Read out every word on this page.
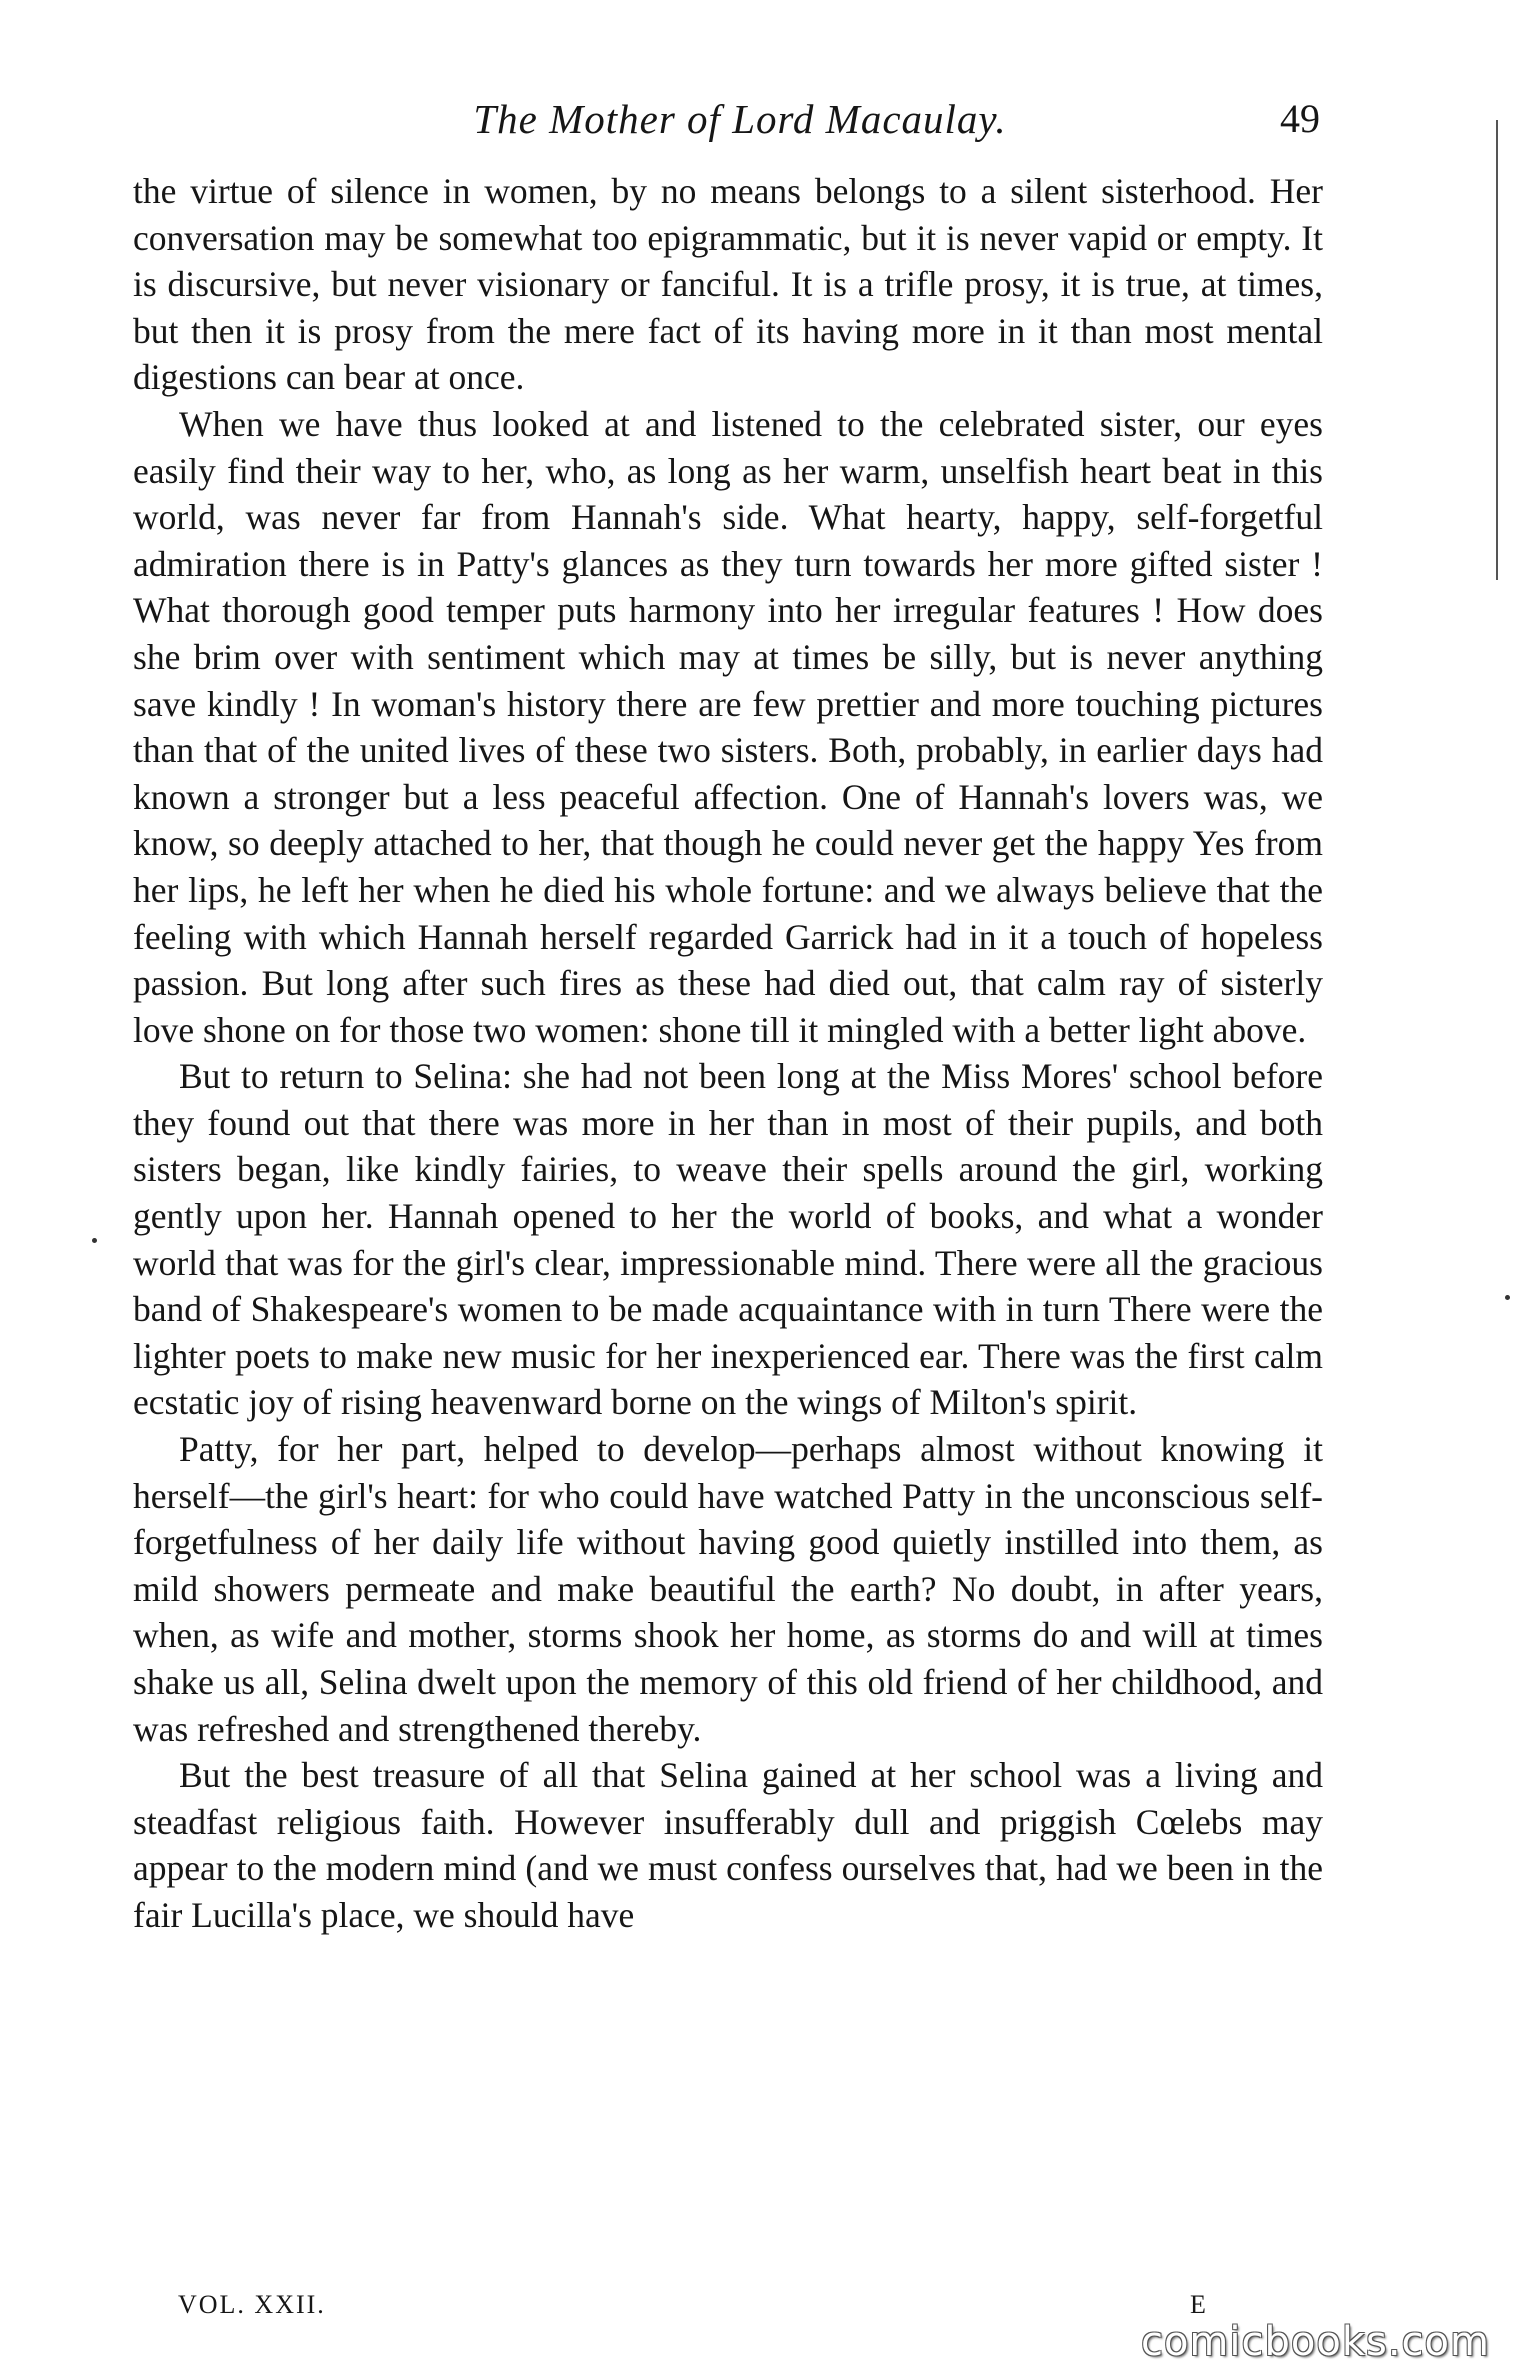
The Mother of Lord Macaulay.	49

the virtue of silence in women, by no means belongs to a silent sisterhood. Her conversation may be somewhat too epigrammatic, but it is never vapid or empty. It is discursive, but never visionary or fanciful. It is a trifle prosy, it is true, at times, but then it is prosy from the mere fact of its having more in it than most mental digestions can bear at once.

When we have thus looked at and listened to the celebrated sister, our eyes easily find their way to her, who, as long as her warm, unselfish heart beat in this world, was never far from Hannah's side. What hearty, happy, self-forgetful admiration there is in Patty's glances as they turn towards her more gifted sister ! What thorough good temper puts harmony into her irregular features ! How does she brim over with sentiment which may at times be silly, but is never anything save kindly ! In woman's history there are few prettier and more touching pictures than that of the united lives of these two sisters. Both, probably, in earlier days had known a stronger but a less peaceful affection. One of Hannah's lovers was, we know, so deeply attached to her, that though he could never get the happy Yes from her lips, he left her when he died his whole fortune: and we always believe that the feeling with which Hannah herself regarded Garrick had in it a touch of hopeless passion. But long after such fires as these had died out, that calm ray of sisterly love shone on for those two women: shone till it mingled with a better light above.

But to return to Selina: she had not been long at the Miss Mores' school before they found out that there was more in her than in most of their pupils, and both sisters began, like kindly fairies, to weave their spells around the girl, working gently upon her. Hannah opened to her the world of books, and what a wonder world that was for the girl's clear, impressionable mind. There were all the gracious band of Shakespeare's women to be made acquaintance with in turn There were the lighter poets to make new music for her inexperienced ear. There was the first calm ecstatic joy of rising heavenward borne on the wings of Milton's spirit.

Patty, for her part, helped to develop—perhaps almost without knowing it herself—the girl's heart: for who could have watched Patty in the unconscious self-forgetfulness of her daily life without having good quietly instilled into them, as mild showers permeate and make beautiful the earth? No doubt, in after years, when, as wife and mother, storms shook her home, as storms do and will at times shake us all, Selina dwelt upon the memory of this old friend of her childhood, and was refreshed and strengthened thereby.

But the best treasure of all that Selina gained at her school was a living and steadfast religious faith. However insufferably dull and priggish Cœlebs may appear to the modern mind (and we must confess ourselves that, had we been in the fair Lucilla's place, we should have

VOL. XXII.	E
comicbooks.com
